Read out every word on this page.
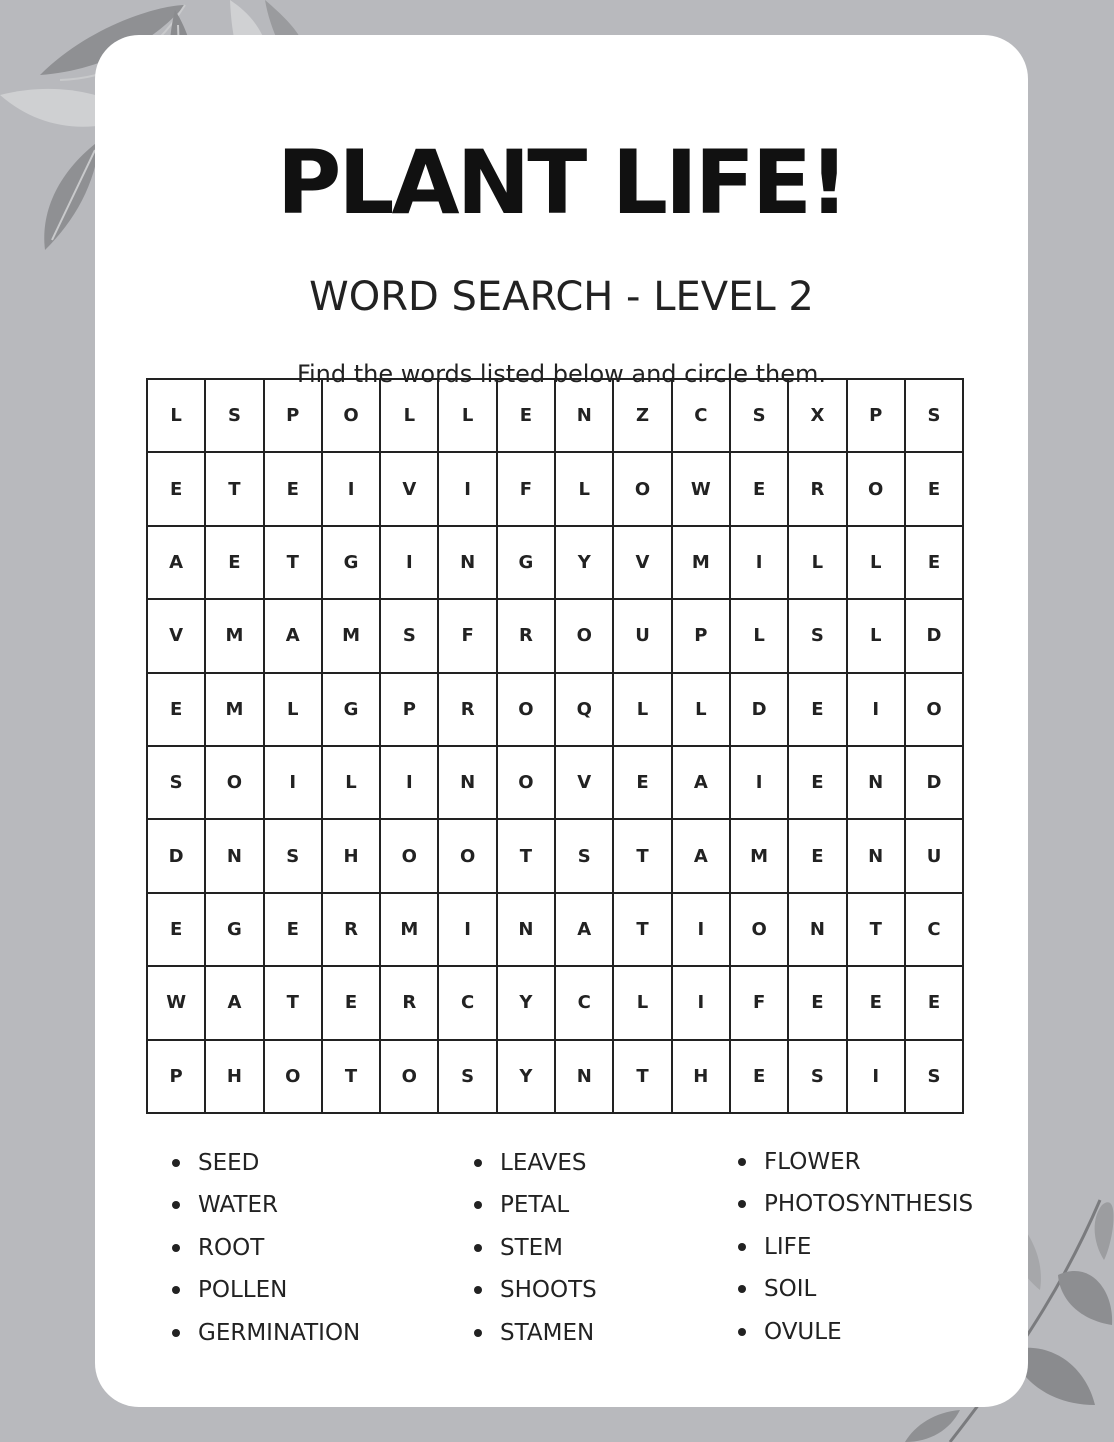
PLANT LIFE!
WORD SEARCH - LEVEL 2

Find the words listed below and circle them.

L	S	P	O	L	L	E	N	Z	C	S	X	P	S
E	T	E	I	V	I	F	L	O	W	E	R	O	E
A	E	T	G	I	N	G	Y	V	M	I	L	L	E
V	M	A	M	S	F	R	O	U	P	L	S	L	D
E	M	L	G	P	R	O	Q	L	L	D	E	I	O
S	O	I	L	I	N	O	V	E	A	I	E	N	D
D	N	S	H	O	O	T	S	T	A	M	E	N	U
E	G	E	R	M	I	N	A	T	I	O	N	T	C
W	A	T	E	R	C	Y	C	L	I	F	E	E	E
P	H	O	T	O	S	Y	N	T	H	E	S	I	S
SEED
WATER
ROOT
POLLEN
GERMINATION
LEAVES
PETAL
STEM
SHOOTS
STAMEN
FLOWER
PHOTOSYNTHESIS
LIFE
SOIL
OVULE
